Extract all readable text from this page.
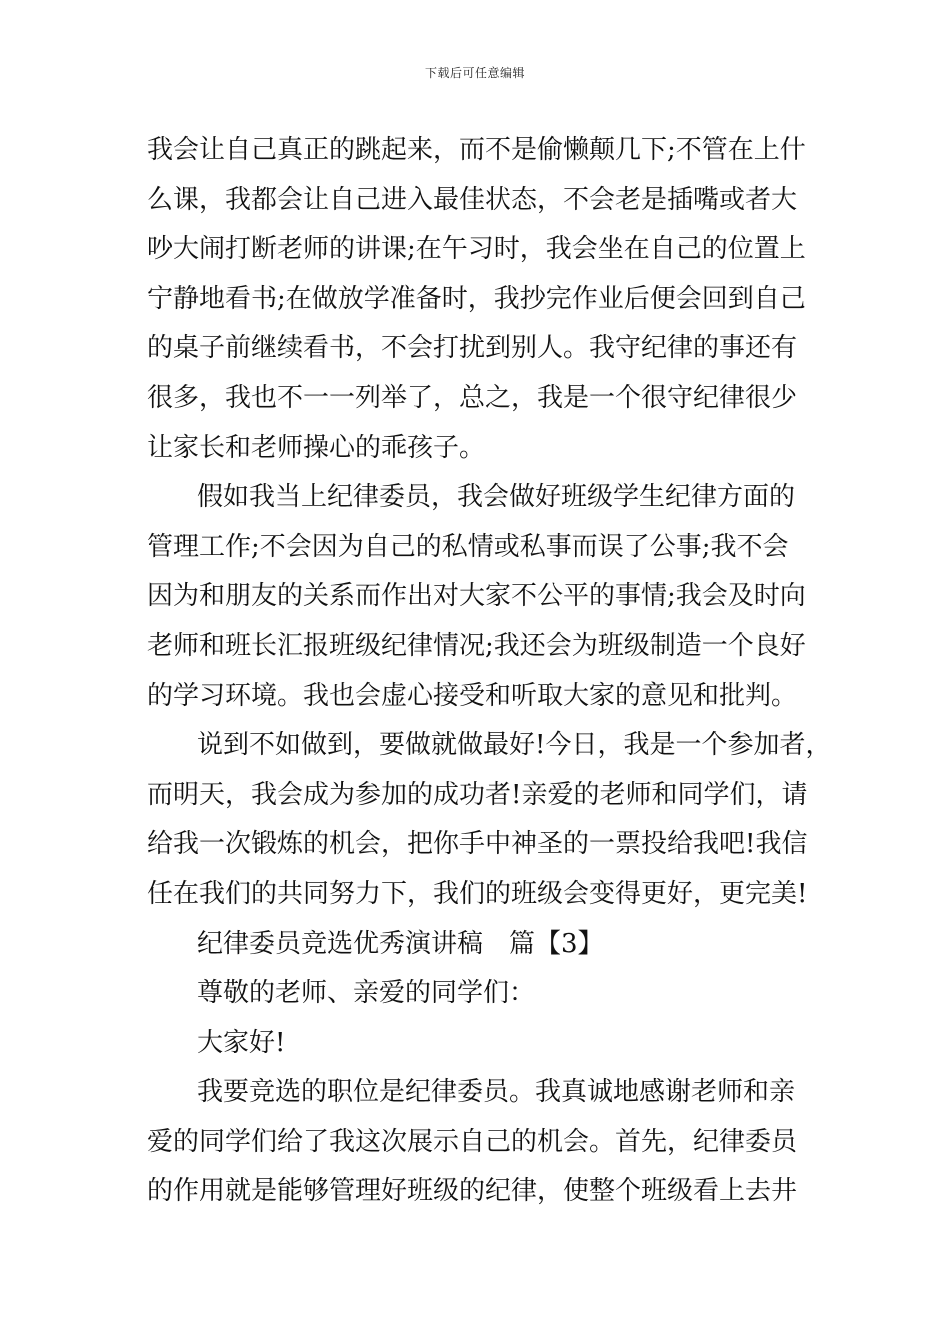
下载后可任意编辑

我会让自己真正的跳起来，而不是偷懒颠几下;不管在上什
么课，我都会让自己进入最佳状态，不会老是插嘴或者大
吵大闹打断老师的讲课;在午习时，我会坐在自己的位置上
宁静地看书;在做放学准备时，我抄完作业后便会回到自己
的桌子前继续看书，不会打扰到别人。我守纪律的事还有
很多，我也不一一列举了，总之，我是一个很守纪律很少
让家长和老师操心的乖孩子。

假如我当上纪律委员，我会做好班级学生纪律方面的
管理工作;不会因为自己的私情或私事而误了公事;我不会
因为和朋友的关系而作出对大家不公平的事情;我会及时向
老师和班长汇报班级纪律情况;我还会为班级制造一个良好
的学习环境。我也会虚心接受和听取大家的意见和批判。

说到不如做到，要做就做最好!今日，我是一个参加者，
而明天，我会成为参加的成功者!亲爱的老师和同学们，请
给我一次锻炼的机会，把你手中神圣的一票投给我吧!我信
任在我们的共同努力下，我们的班级会变得更好，更完美!

纪律委员竞选优秀演讲稿　篇【3】

尊敬的老师、亲爱的同学们：

大家好!

我要竞选的职位是纪律委员。我真诚地感谢老师和亲
爱的同学们给了我这次展示自己的机会。首先，纪律委员
的作用就是能够管理好班级的纪律，使整个班级看上去井
